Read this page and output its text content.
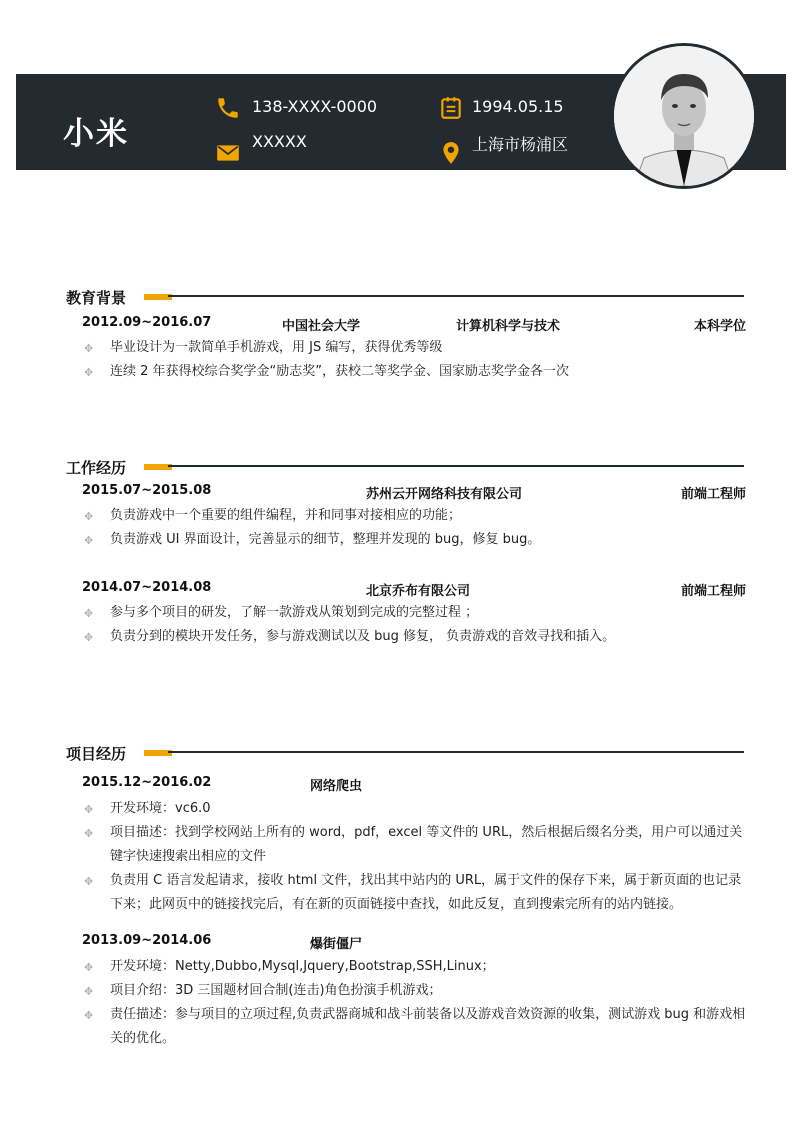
小米
138-XXXX-0000
XXXXX
1994.05.15
上海市杨浦区
教育背景
2012.09~2016.07	中国社会大学	计算机科学与技术	本科学位
✥ 毕业设计为一款简单手机游戏，用 JS 编写，获得优秀等级
✥ 连续 2 年获得校综合奖学金“励志奖”，获校二等奖学金、国家励志奖学金各一次
工作经历
2015.07~2015.08	苏州云开网络科技有限公司	前端工程师
✥ 负责游戏中一个重要的组件编程，并和同事对接相应的功能；
✥ 负责游戏 UI 界面设计，完善显示的细节，整理并发现的 bug，修复 bug。
2014.07~2014.08	北京乔布有限公司	前端工程师
✥ 参与多个项目的研发，了解一款游戏从策划到完成的完整过程 ；
✥ 负责分到的模块开发任务，参与游戏测试以及 bug 修复， 负责游戏的音效寻找和插入。
项目经历
2015.12~2016.02	网络爬虫
✥ 开发环境：vc6.0
✥ 项目描述：找到学校网站上所有的 word，pdf，excel 等文件的 URL，然后根据后缀名分类，用户可以通过关键字快速搜索出相应的文件
✥ 负责用 C 语言发起请求，接收 html 文件，找出其中站内的 URL，属于文件的保存下来，属于新页面的也记录下来；此网页中的链接找完后，有在新的页面链接中查找，如此反复，直到搜索完所有的站内链接。
2013.09~2014.06	爆街僵尸
✥ 开发环境：Netty,Dubbo,Mysql,Jquery,Bootstrap,SSH,Linux；
✥ 项目介绍：3D 三国题材回合制(连击)角色扮演手机游戏；
✥ 责任描述：参与项目的立项过程,负责武器商城和战斗前装备以及游戏音效资源的收集，测试游戏 bug 和游戏相关的优化。
